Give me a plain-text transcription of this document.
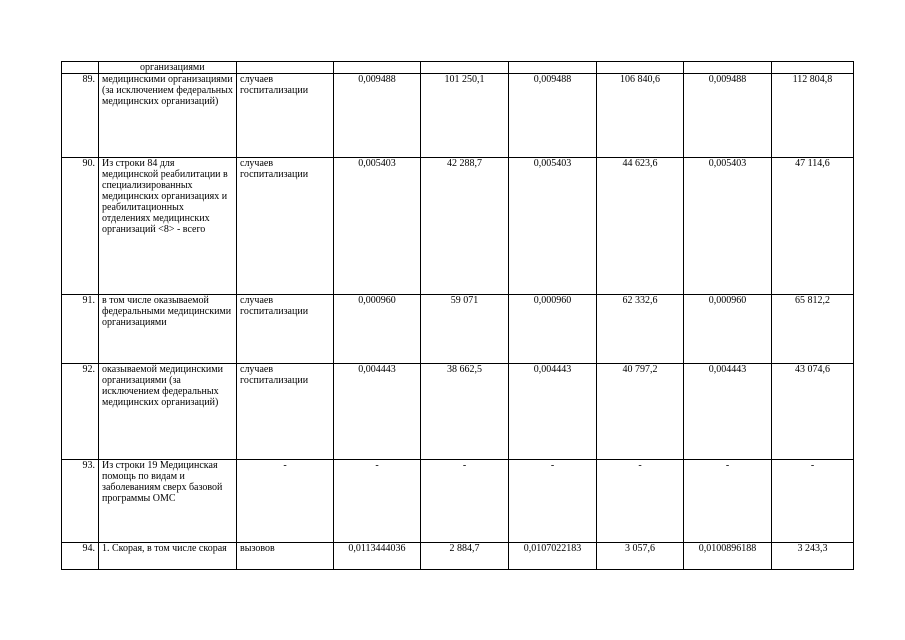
	организациями							
89.	медицинскими организациями (за исключением федеральных медицинских организаций)	случаев госпитализации	0,009488	101 250,1	0,009488	106 840,6	0,009488	112 804,8
90.	Из строки 84 для медицинской реабилитации в специализированных медицинских организациях и реабилитационных отделениях медицинских организаций <8> - всего	случаев госпитализации	0,005403	42 288,7	0,005403	44 623,6	0,005403	47 114,6
91.	в том числе оказываемой федеральными медицинскими организациями	случаев госпитализации	0,000960	59 071	0,000960	62 332,6	0,000960	65 812,2
92.	оказываемой медицинскими организациями (за исключением федеральных медицинских организаций)	случаев госпитализации	0,004443	38 662,5	0,004443	40 797,2	0,004443	43 074,6
93.	Из строки 19 Медицинская помощь по видам и заболеваниям сверх базовой программы ОМС	-	-	-	-	-	-	-
94.	1. Скорая, в том числе скорая	вызовов	0,0113444036	2 884,7	0,0107022183	3 057,6	0,0100896188	3 243,3
